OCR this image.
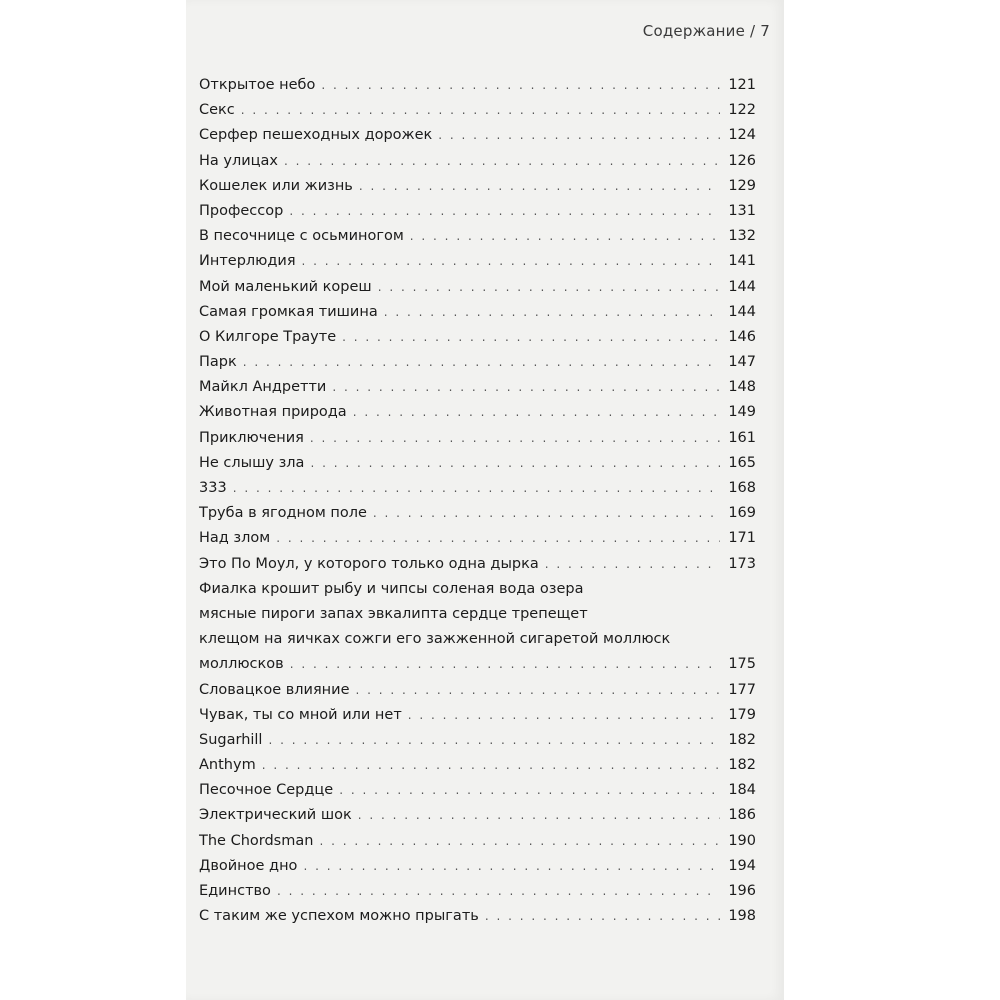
Содержание / 7
Открытое небо . . .	121
Секс . . .	122
Серфер пешеходных дорожек . . .	124
На улицах . . .	126
Кошелек или жизнь . . .	129
Профессор . . .	131
В песочнице с осьминогом . . .	132
Интерлюдия . . .	141
Мой маленький кореш . . .	144
Самая громкая тишина . . .	144
О Килгоре Трауте . . .	146
Парк . . .	147
Майкл Андретти . . .	148
Животная природа . . .	149
Приключения . . .	161
Не слышу зла . . .	165
333 . . .	168
Труба в ягодном поле . . .	169
Над злом . . .	171
Это По Моул, у которого только одна дырка . . .	173
Фиалка крошит рыбу и чипсы соленая вода озера
мясные пироги запах эвкалипта сердце трепещет
клещом на яичках сожги его зажженной сигаретой моллюск
моллюсков . . .	175
Словацкое влияние . . .	177
Чувак, ты со мной или нет . . .	179
Sugarhill . . .	182
Anthym . . .	182
Песочное Сердце . . .	184
Электрический шок . . .	186
The Chordsman . . .	190
Двойное дно . . .	194
Единство . . .	196
С таким же успехом можно прыгать . . .	198
